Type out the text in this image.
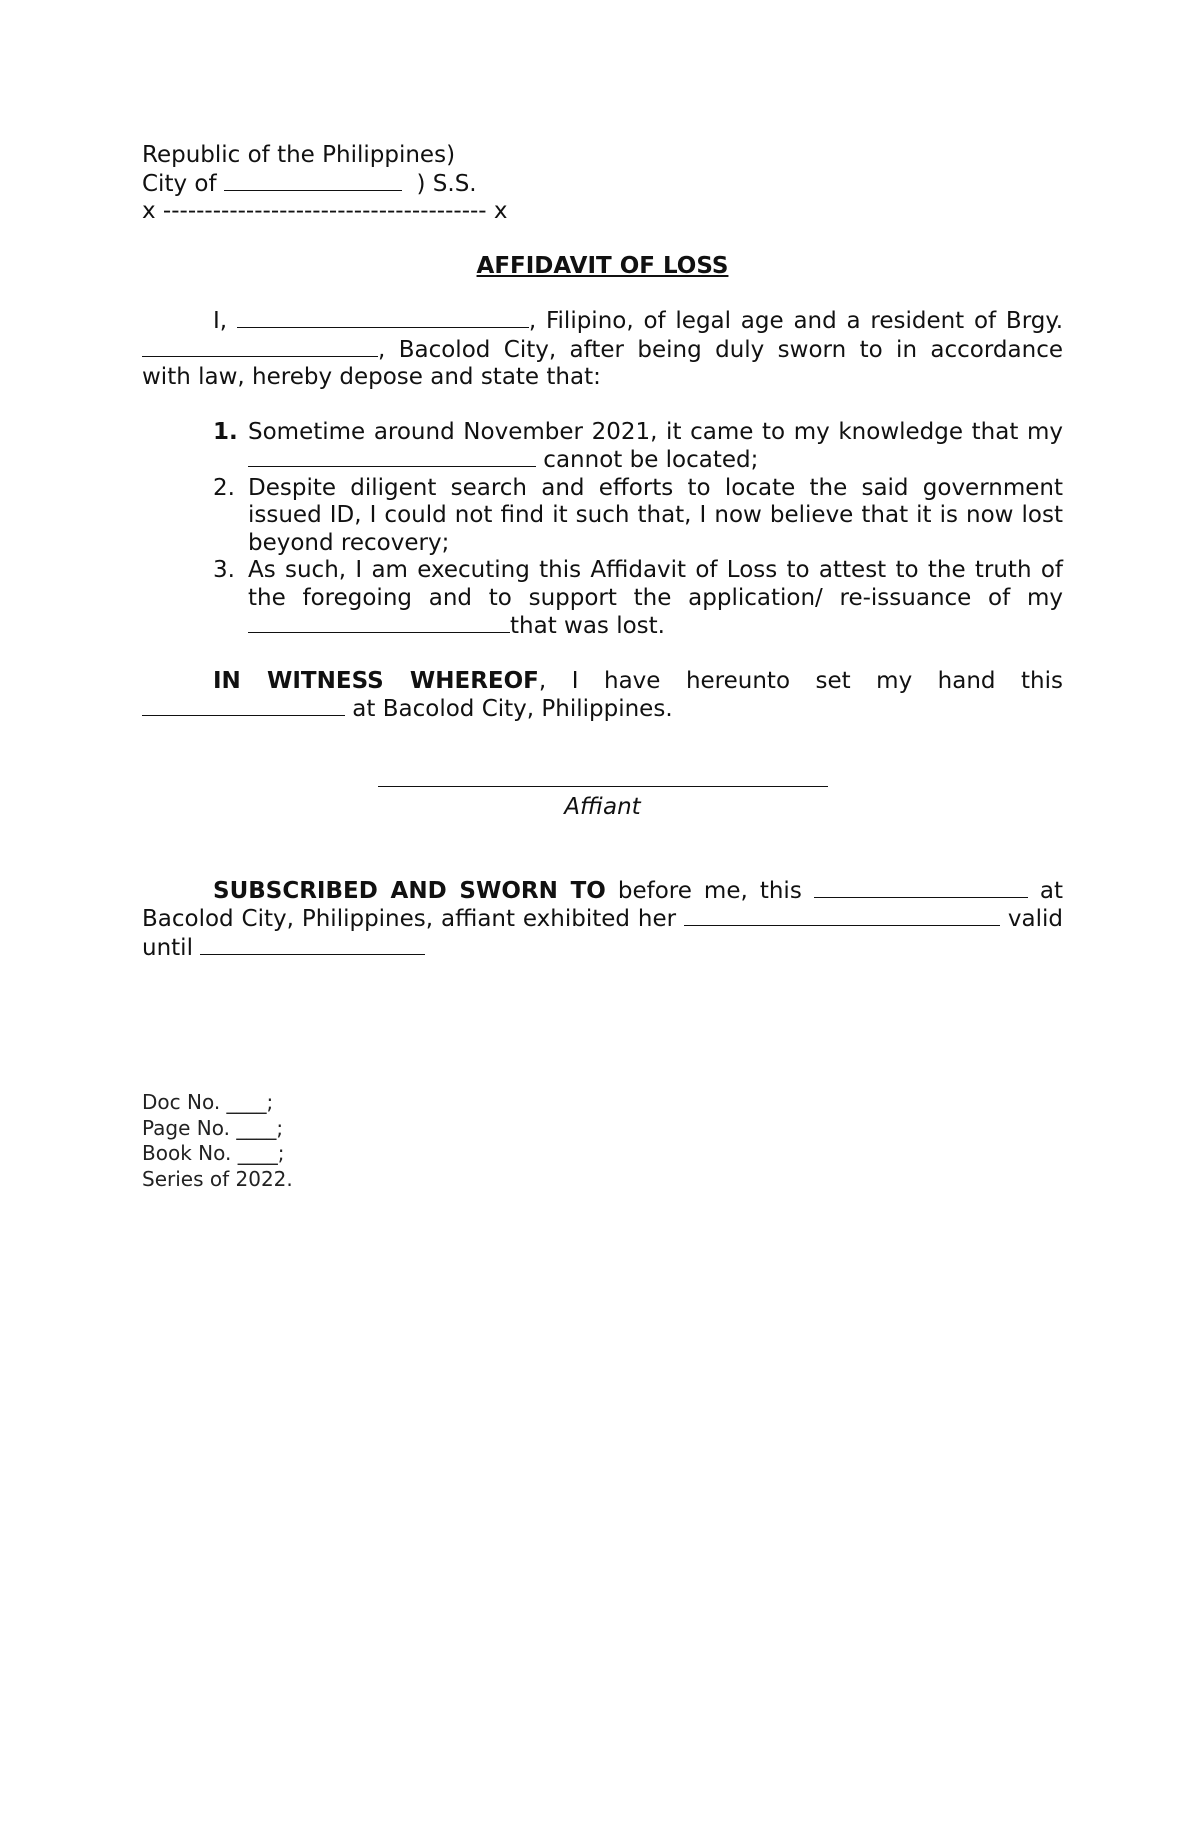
Republic of the Philippines)

City of	) S.S.

x --------------------------------------- x

AFFIDAVIT OF LOSS

I,	, Filipino, of legal age and a resident of Brgy. , Bacolod City, after being duly sworn to in accordance with law, hereby depose and state that:

1. Sometime around November 2021, it came to my knowledge that my  cannot be located;
2. Despite diligent search and efforts to locate the said government issued ID, I could not find it such that, I now believe that it is now lost beyond recovery;
3. As such, I am executing this Affidavit of Loss to attest to the truth of the foregoing and to support the application/ re-issuance of my that was lost.

IN WITNESS WHEREOF, I have hereunto set my hand this  at Bacolod City, Philippines.

Affiant

SUBSCRIBED AND SWORN TO before me, this	at Bacolod City, Philippines, affiant exhibited her	valid until

Doc No. ____;
Page No. ____;
Book No. ____;
Series of 2022.
